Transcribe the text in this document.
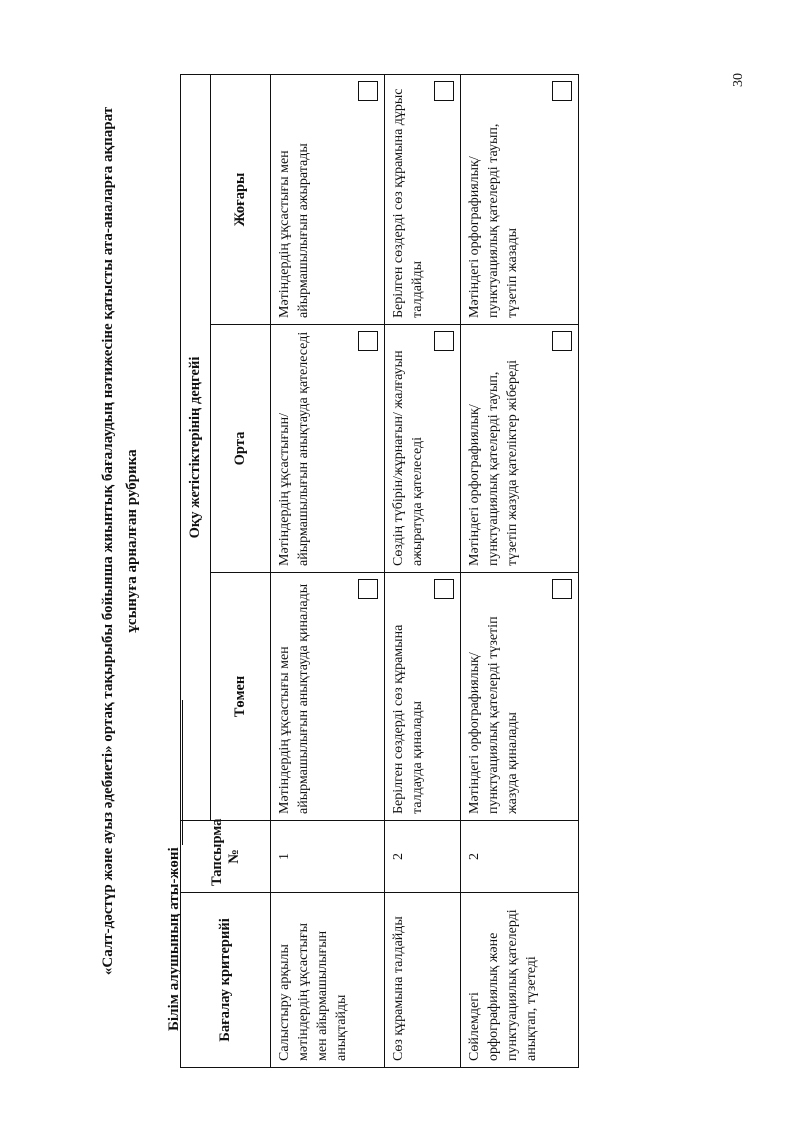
30
«Салт-дәстүр және ауыз әдебиеті» ортақ тақырыбы бойынша жиынтық бағалаудың нәтижесіне қатысты ата-аналарға ақпарат ұсынуға арналған рубрика
Білім алушының аты-жөні Бағалау критерийі	Тапсырма №	Оқу жетістіктерінің деңгейі		
		Төмен	Орта	Жоғары
Салыстыру арқылы мәтіндердің ұқсастығы мен айырмашылығын анықтайды	1	Мәтіндердің ұқсастығы мен айырмашылығын анықтауда қиналады	Мәтіндердің ұқсастығын/ айырмашылығын анықтауда қателеседі	Мәтіндердің ұқсастығы мен айырмашылығын ажыратады

Сөз құрамына талдайды	2	Берілген сөздерді сөз құрамына талдауда қиналады	Сөздің түбірін/жұрнағын/ жалғауын ажыратуда қателеседі	Берілген сөздерді сөз құрамына дұрыс талдайды

Сөйлемдегі орфографиялық және пунктуациялық қателерді анықтап, түзетеді	2	Мәтіндегі орфографиялық/ пунктуациялық қателерді түзетіп жазуда қиналады	Мәтіндегі орфографиялық/ пунктуациялық қателерді тауып, түзетіп жазуда қателіктер жібереді	Мәтіндегі орфографиялық/ пунктуациялық қателерді тауып, түзетіп жазады
